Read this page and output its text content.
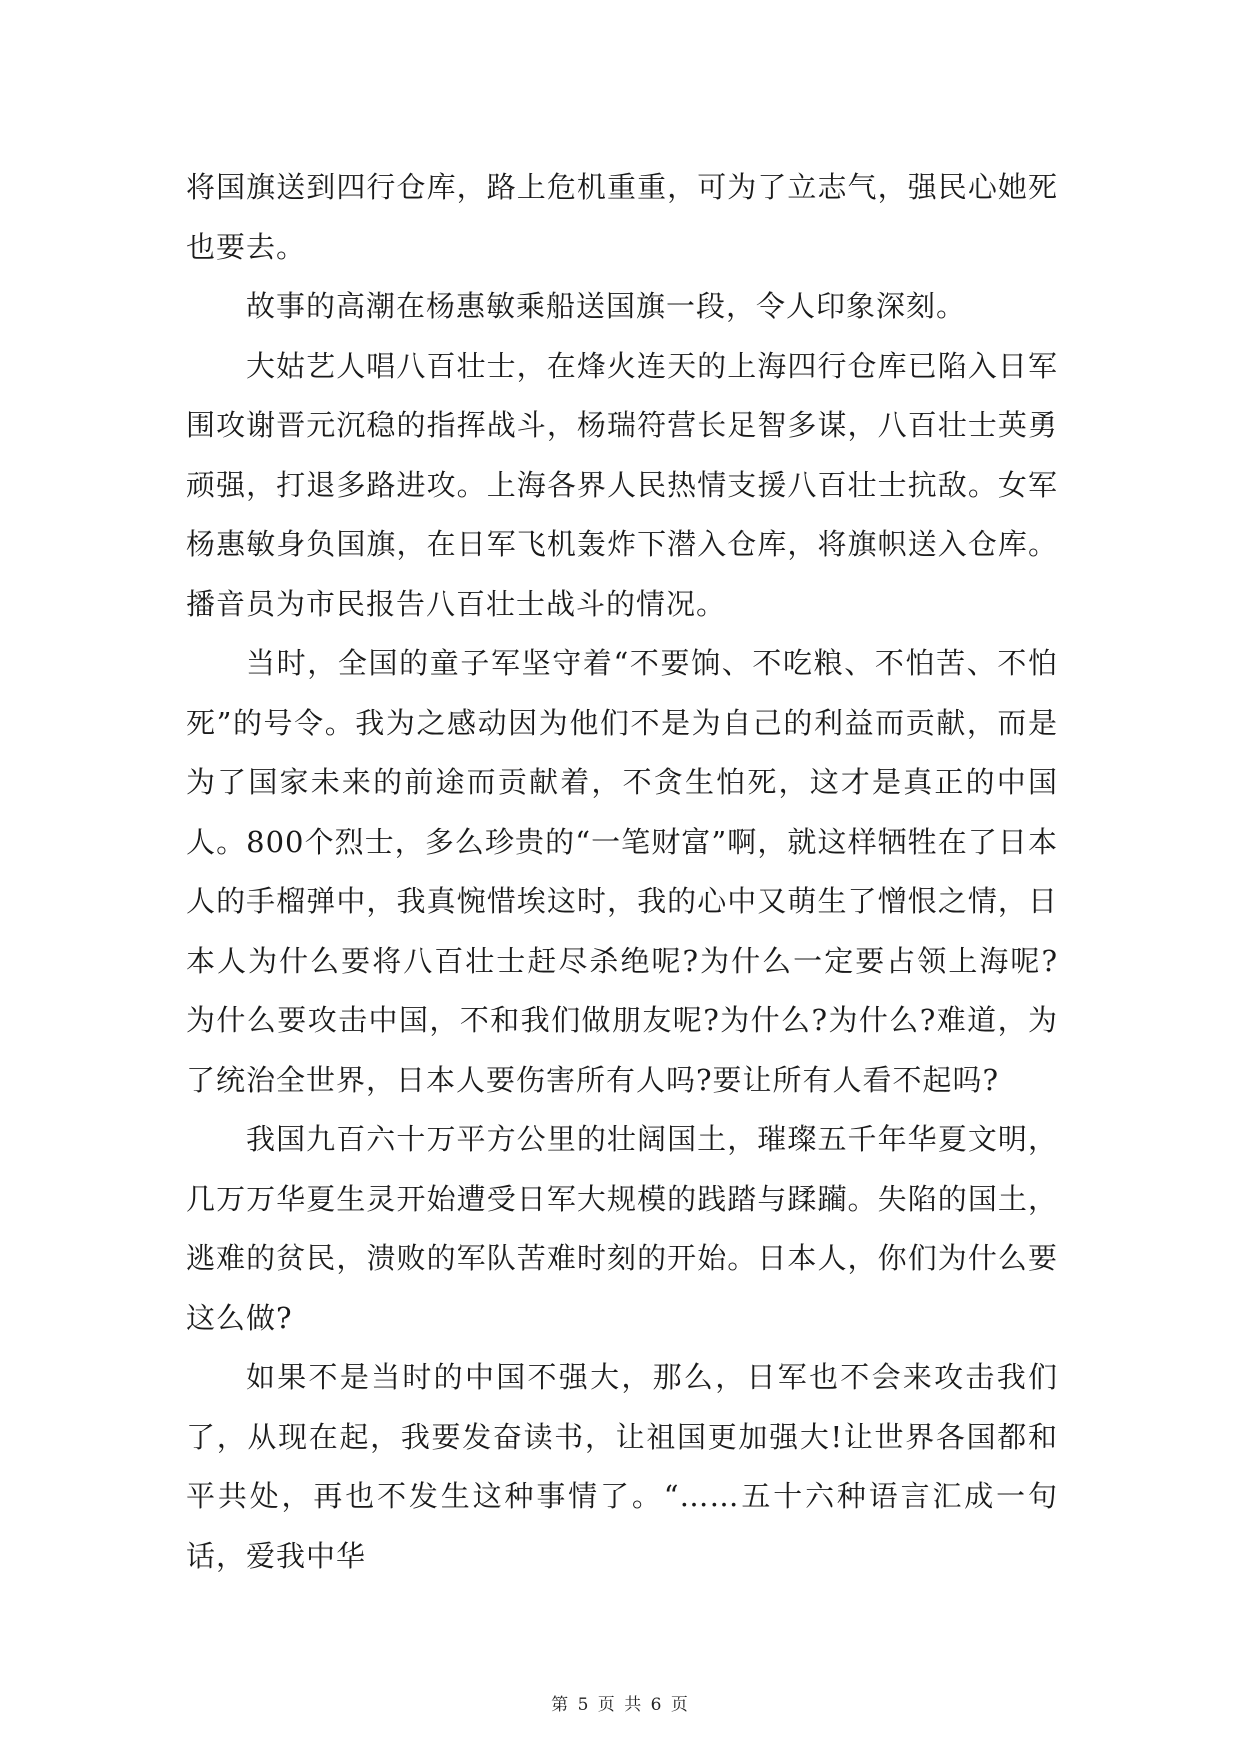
将国旗送到四行仓库，路上危机重重，可为了立志气，强民心她死也要去。

故事的高潮在杨惠敏乘船送国旗一段，令人印象深刻。

大姑艺人唱八百壮士，在烽火连天的上海四行仓库已陷入日军围攻谢晋元沉稳的指挥战斗，杨瑞符营长足智多谋，八百壮士英勇顽强，打退多路进攻。上海各界人民热情支援八百壮士抗敌。女军杨惠敏身负国旗，在日军飞机轰炸下潜入仓库，将旗帜送入仓库。播音员为市民报告八百壮士战斗的情况。

当时，全国的童子军坚守着“不要饷、不吃粮、不怕苦、不怕死”的号令。我为之感动因为他们不是为自己的利益而贡献，而是为了国家未来的前途而贡献着，不贪生怕死，这才是真正的中国人。800个烈士，多么珍贵的“一笔财富”啊，就这样牺牲在了日本人的手榴弹中，我真惋惜埃这时，我的心中又萌生了憎恨之情，日本人为什么要将八百壮士赶尽杀绝呢?为什么一定要占领上海呢?为什么要攻击中国，不和我们做朋友呢?为什么?为什么?难道，为了统治全世界，日本人要伤害所有人吗?要让所有人看不起吗?

我国九百六十万平方公里的壮阔国土，璀璨五千年华夏文明，几万万华夏生灵开始遭受日军大规模的践踏与蹂躏。失陷的国土，逃难的贫民，溃败的军队苦难时刻的开始。日本人，你们为什么要这么做?

如果不是当时的中国不强大，那么，日军也不会来攻击我们了，从现在起，我要发奋读书，让祖国更加强大!让世界各国都和平共处，再也不发生这种事情了。“……五十六种语言汇成一句话，爱我中华

第 5 页 共 6 页
